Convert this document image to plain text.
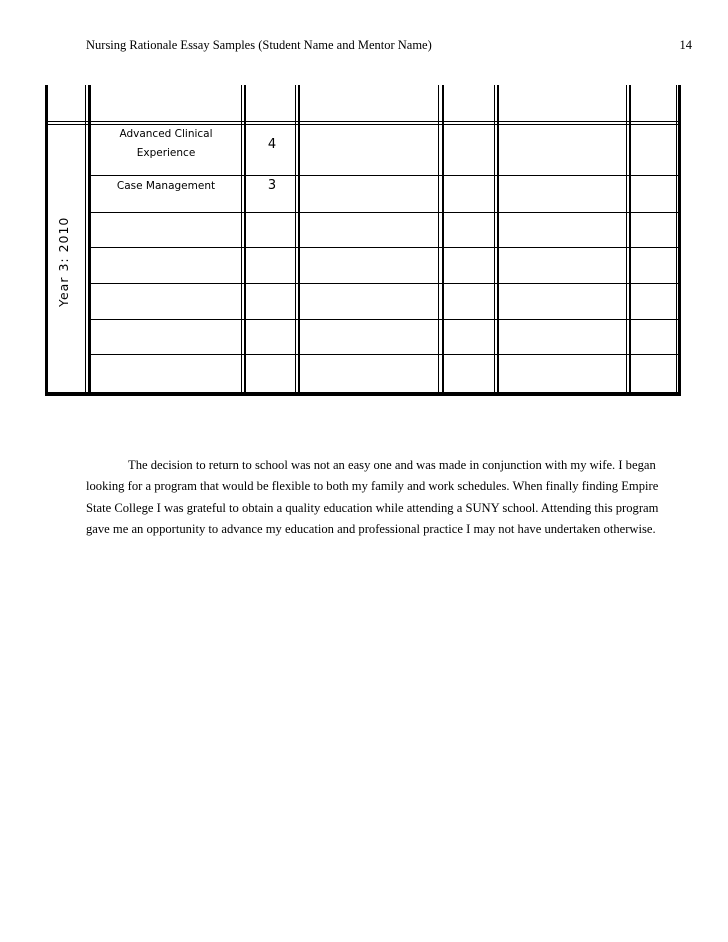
Nursing Rationale Essay Samples (Student Name and Mentor Name)	14
Year 3: 2010
Advanced Clinical
Experience
4
Case Management	3

The decision to return to school was not an easy one and was made in conjunction with my wife. I began looking for a program that would be flexible to both my family and work schedules. When finally finding Empire State College I was grateful to obtain a quality education while attending a SUNY school. Attending this program gave me an opportunity to advance my education and professional practice I may not have undertaken otherwise.
